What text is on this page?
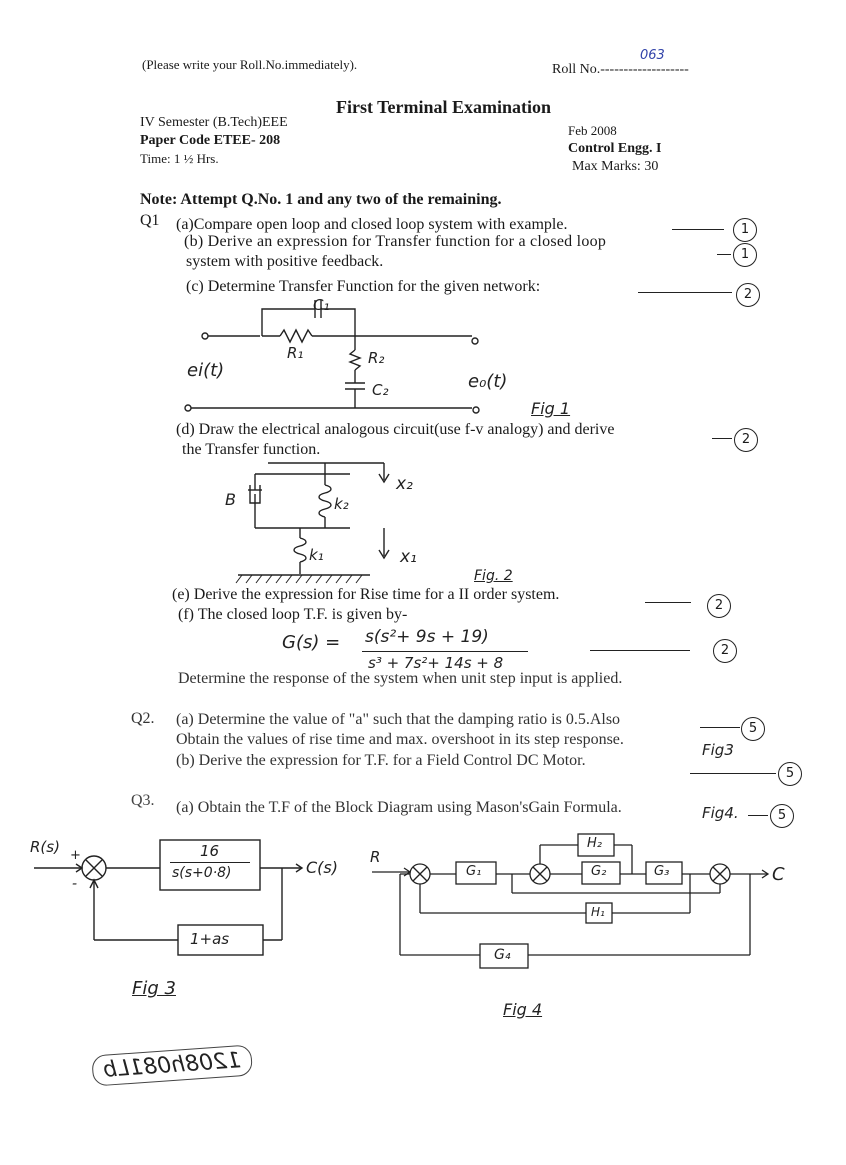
(Please write your Roll.No.immediately).	Roll No.-------------------
063
First Terminal Examination
IV Semester (B.Tech)EEE
Paper Code ETEE- 208
Time: 1 ½ Hrs.
Feb 2008
Control Engg. I
Max Marks: 30
Note: Attempt Q.No. 1 and any two of the remaining.
Q1 (a)Compare open loop and closed loop system with example.	1
(b) Derive an expression for Transfer function for a closed loop
1
system with positive feedback.
(c) Determine Transfer Function for the given network:	2
C₁
R₁	R₂
C₂
ei(t)
e₀(t)
Fig 1
(d) Draw the electrical analogous circuit(use f-v analogy) and derive
2
the Transfer function.
B	k₂
k₁
x₂
x₁
Fig. 2
(e) Derive the expression for Rise time for a II order system.
2
(f) The closed loop T.F. is given by-
G(s) = s(s²+ 9s + 19)
s³ + 7s²+ 14s + 8
2
Determine the response of the system when unit step input is applied.
Q2. (a) Determine the value of "a" such that the damping ratio is 0.5.Also
5
Obtain the values of rise time and max. overshoot in its step response.
Fig3
(b) Derive the expression for T.F. for a Field Control DC Motor.
5
Q3. (a) Obtain the T.F of the Block Diagram using Mason'sGain Formula.	Fig4.	5
R(s) +
-
16
s(s+0·8)	C(s)
1+as
Fig 3
R
C
G₁	G₂	G₃
G₄
H₁
H₂
Fig 4
1208h081Lb
